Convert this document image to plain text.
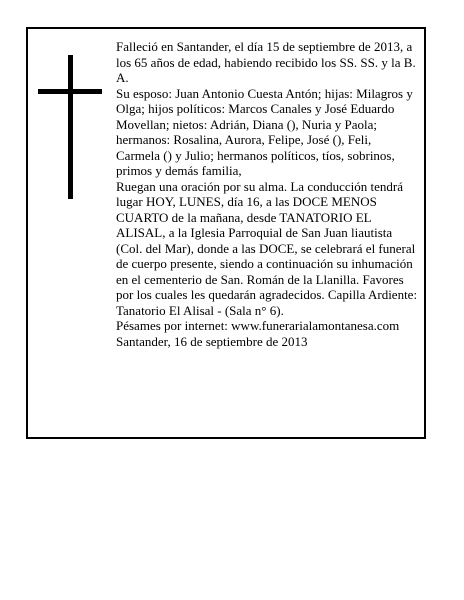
Falleció en Santander, el día 15 de septiembre de 2013, a los 65 años de edad, habiendo recibido los SS. SS. y la B. A.

Su esposo: Juan Antonio Cuesta Antón; hijas: Milagros y Olga; hijos políticos: Marcos Canales y José Eduardo Movellan; nietos: Adrián, Diana (), Nuria y Paola; hermanos: Rosalina, Aurora, Felipe, José (), Feli, Carmela () y Julio; hermanos políticos, tíos, sobrinos, primos y demás familia,

Ruegan una oración por su alma. La conducción tendrá lugar HOY, LUNES, día 16, a las DOCE MENOS CUARTO de la mañana, desde TANATORIO EL ALISAL, a la Iglesia Parroquial de San Juan liautista (Col. del Mar), donde a las DOCE, se celebrará el funeral de cuerpo presente, siendo a continuación su inhumación en el cementerio de San. Román de la Llanilla. Favores por los cuales les quedarán agradecidos. Capilla Ardiente: Tanatorio El Alisal - (Sala n° 6).

Pésames por internet: www.funerarialamontanesa.com

Santander, 16 de septiembre de 2013
